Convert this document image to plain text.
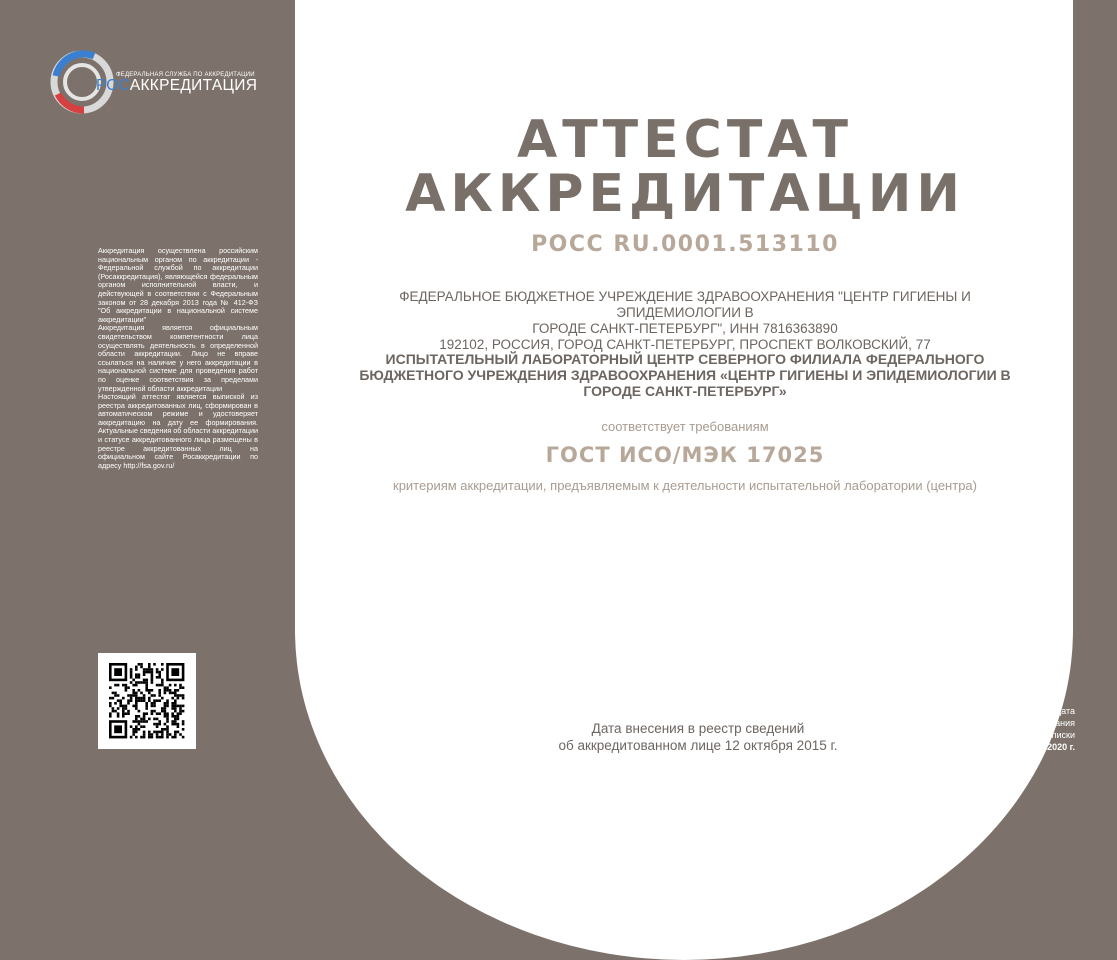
ФЕДЕРАЛЬНАЯ СЛУЖБА ПО АККРЕДИТАЦИИ
РОСАККРЕДИТАЦИЯ

Аккредитация осуществлена российским национальным органом по аккредитации - Федеральной службой по аккредитации (Росаккредитация), являющейся федеральным органом исполнительной власти, и действующей в соответствии с Федеральным законом от 28 декабря 2013 года № 412-ФЗ "Об аккредитации в национальной системе аккредитации"

Аккредитация является официальным свидетельством компетентности лица осуществлять деятельность в определенной области аккредитации. Лицо не вправе ссылаться на наличие у него аккредитации в национальной системе для проведения работ по оценке соответствия за пределами утвержденной области аккредитации

Настоящий аттестат является выпиской из реестра аккредитованных лиц, сформирован в автоматическом режиме и удостоверяет аккредитацию на дату ее формирования. Актуальные сведения об области аккредитации и статусе аккредитованного лица размещены в реестре аккредитованных лиц на официальном сайте Росаккредитации по адресу http://fsa.gov.ru/

АТТЕСТАТ
АККРЕДИТАЦИИ
РОСС RU.0001.513110
ФЕДЕРАЛЬНОЕ БЮДЖЕТНОЕ УЧРЕЖДЕНИЕ ЗДРАВООХРАНЕНИЯ "ЦЕНТР ГИГИЕНЫ И ЭПИДЕМИОЛОГИИ В
ГОРОДЕ САНКТ-ПЕТЕРБУРГ", ИНН 7816363890
192102, РОССИЯ, ГОРОД САНКТ-ПЕТЕРБУРГ, ПРОСПЕКТ ВОЛКОВСКИЙ, 77
ИСПЫТАТЕЛЬНЫЙ ЛАБОРАТОРНЫЙ ЦЕНТР СЕВЕРНОГО ФИЛИАЛА ФЕДЕРАЛЬНОГО
БЮДЖЕТНОГО УЧРЕЖДЕНИЯ ЗДРАВООХРАНЕНИЯ «ЦЕНТР ГИГИЕНЫ И ЭПИДЕМИОЛОГИИ В
ГОРОДЕ САНКТ-ПЕТЕРБУРГ»
соответствует требованиям
ГОСТ ИСО/МЭК 17025
критериям аккредитации, предъявляемым к деятельности испытательной лаборатории (центра)
Дата внесения в реестр сведений
об аккредитованном лице 12 октября 2015 г.
Дата
формирования
выписки
27 января 2020 г.
